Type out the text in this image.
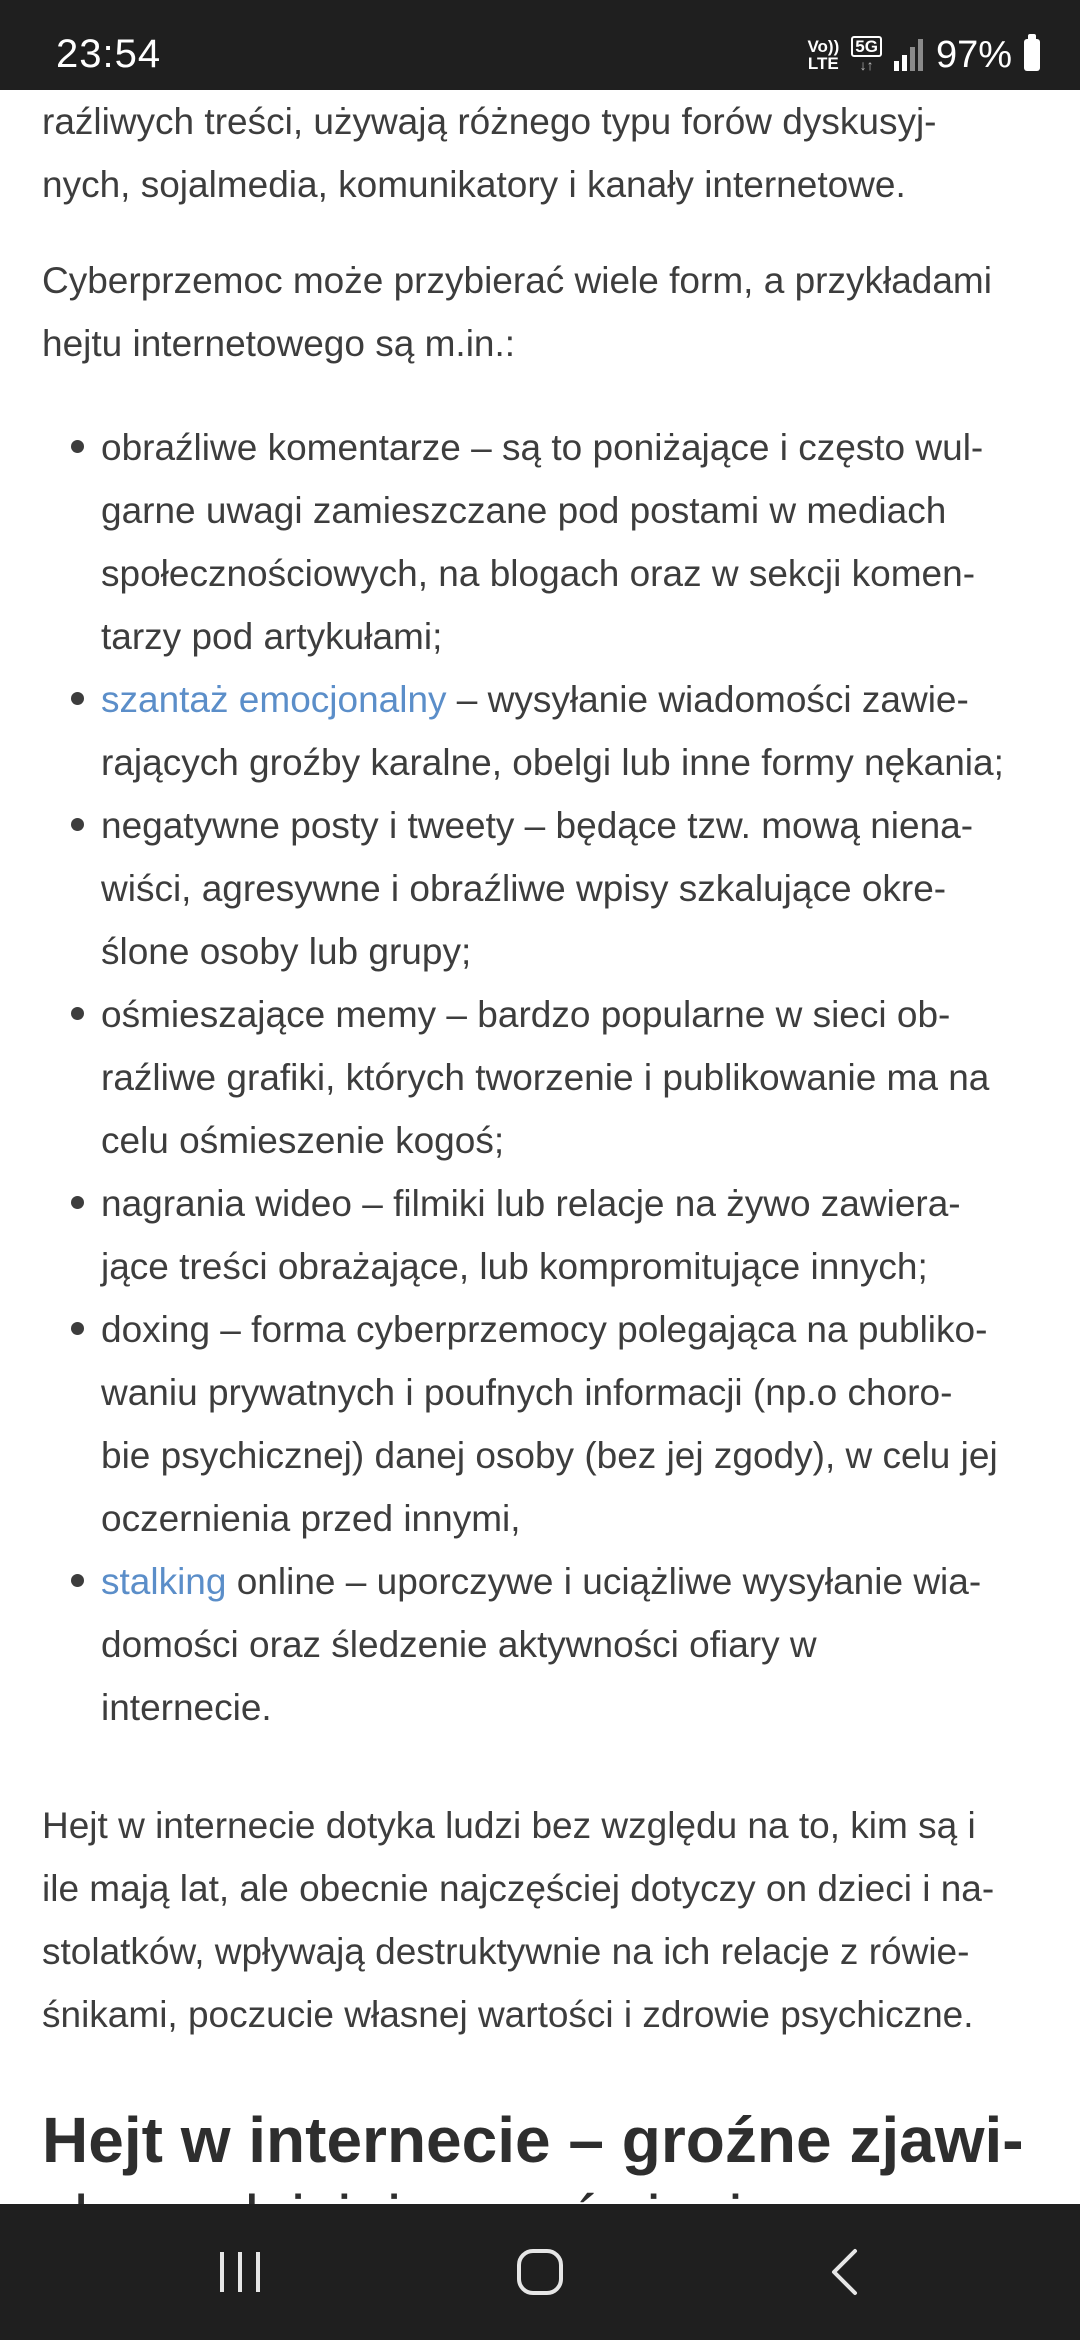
23:54	Vo))
LTE
5G
↓↑ 97%

raźliwych treści, używają różnego typu forów dyskusyj-
nych, sojalmedia, komunikatory i kanały internetowe.

Cyberprzemoc może przybierać wiele form, a przykładami
hejtu internetowego są m.in.:

obraźliwe komentarze – są to poniżające i często wul-
garne uwagi zamieszczane pod postami w mediach
społecznościowych, na blogach oraz w sekcji komen-
tarzy pod artykułami;
szantaż emocjonalny – wysyłanie wiadomości zawie-
rających groźby karalne, obelgi lub inne formy nękania;
negatywne posty i tweety – będące tzw. mową niena-
wiści, agresywne i obraźliwe wpisy szkalujące okre-
ślone osoby lub grupy;
ośmieszające memy – bardzo popularne w sieci ob-
raźliwe grafiki, których tworzenie i publikowanie ma na
celu ośmieszenie kogoś;
nagrania wideo – filmiki lub relacje na żywo zawiera-
jące treści obrażające, lub kompromitujące innych;
doxing – forma cyberprzemocy polegająca na publiko-
waniu prywatnych i poufnych informacji (np.o choro-
bie psychicznej) danej osoby (bez jej zgody), w celu jej
oczernienia przed innymi,
stalking online – uporczywe i uciążliwe wysyłanie wia-
domości oraz śledzenie aktywności ofiary w
internecie.

Hejt w internecie dotyka ludzi bez względu na to, kim są i
ile mają lat, ale obecnie najczęściej dotyczy on dzieci i na-
stolatków, wpływają destruktywnie na ich relacje z rówie-
śnikami, poczucie własnej wartości i zdrowie psychiczne.

Hejt w internecie – groźne zjawi-
